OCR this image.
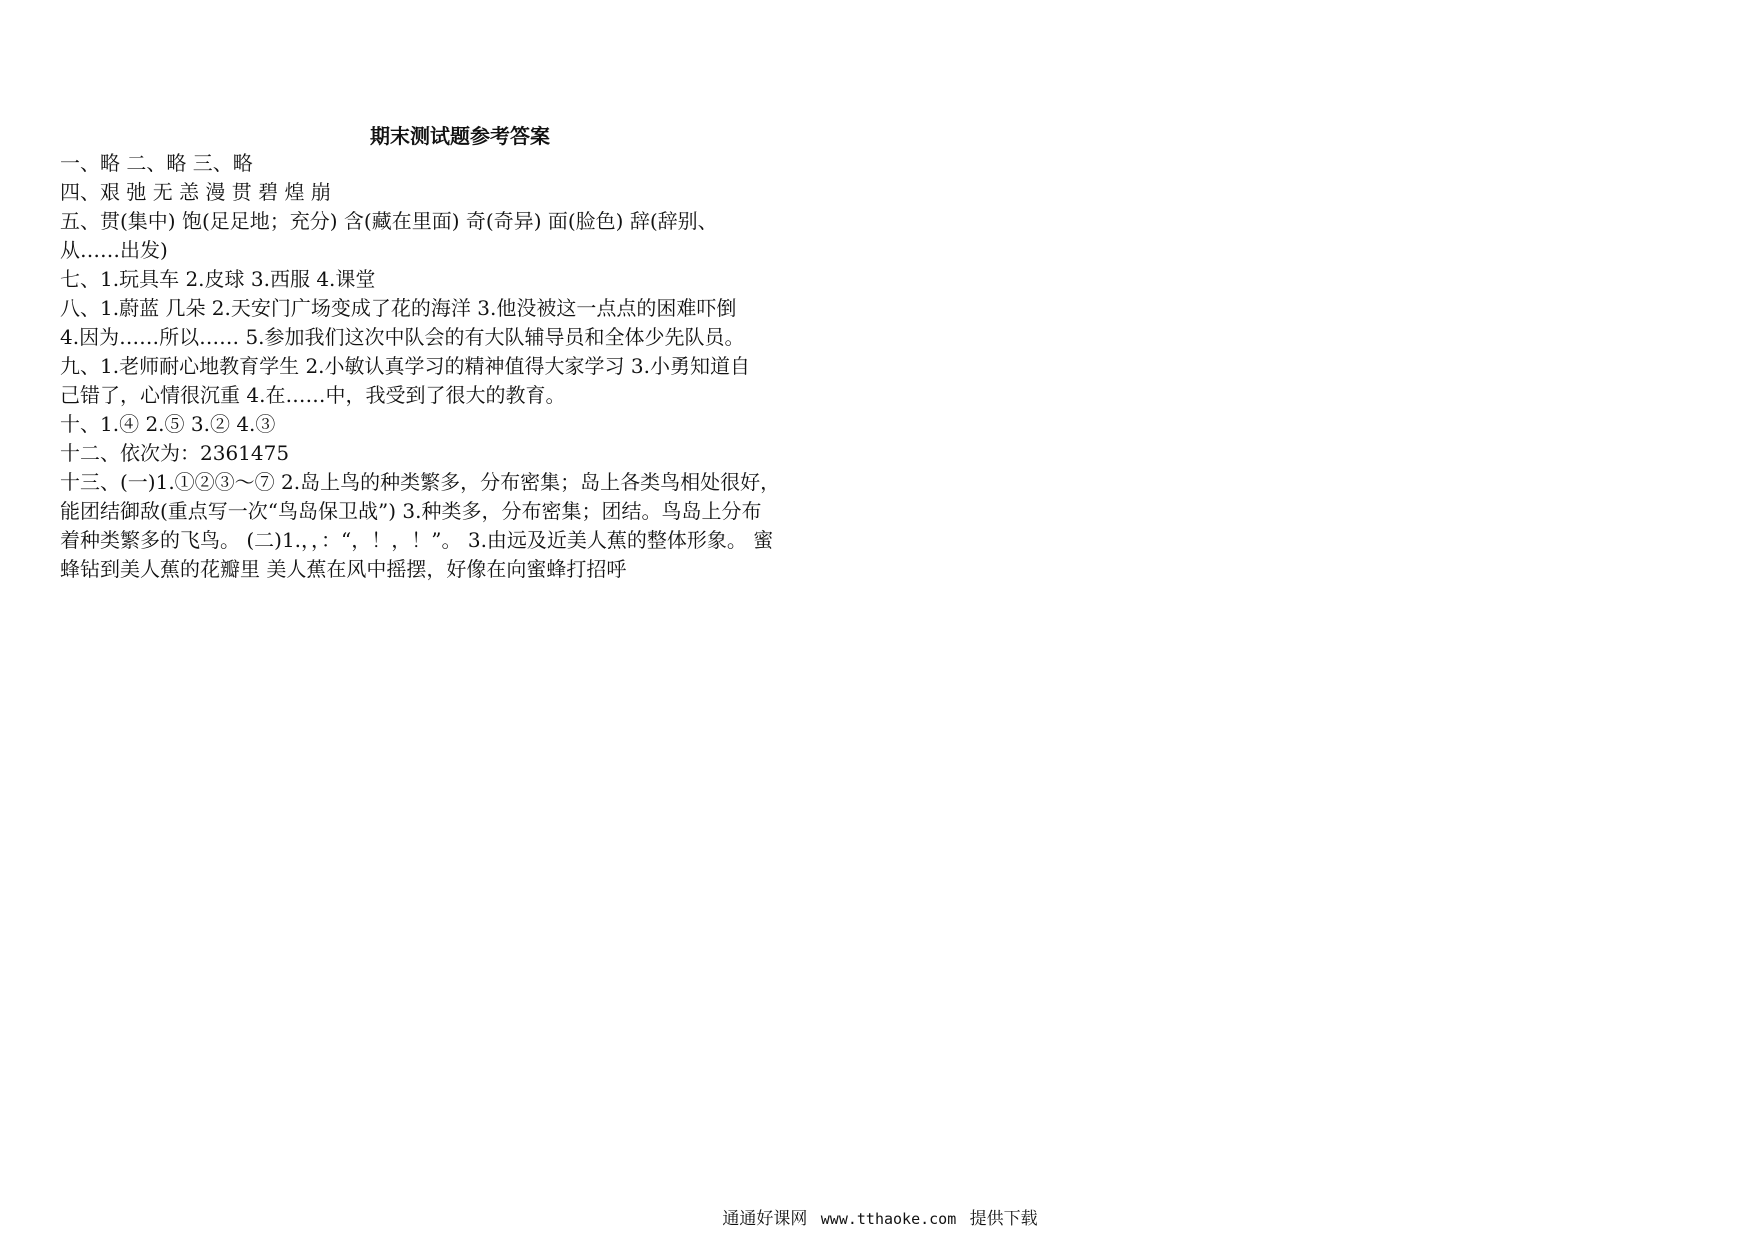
期末测试题参考答案
一、略 二、略 三、略
四、艰 弛 无 恙 漫 贯 碧 煌 崩
五、贯(集中) 饱(足足地；充分) 含(藏在里面) 奇(奇异) 面(脸色) 辞(辞别、
从……出发)
七、1.玩具车 2.皮球 3.西服 4.课堂
八、1.蔚蓝 几朵 2.天安门广场变成了花的海洋 3.他没被这一点点的困难吓倒
4.因为……所以…… 5.参加我们这次中队会的有大队辅导员和全体少先队员。
九、1.老师耐心地教育学生 2.小敏认真学习的精神值得大家学习 3.小勇知道自
己错了，心情很沉重 4.在……中，我受到了很大的教育。
十、1.④ 2.⑤ 3.② 4.③
十二、依次为：2361475
十三、(一)1.①②③～⑦ 2.岛上鸟的种类繁多，分布密集；岛上各类鸟相处很好，
能团结御敌(重点写一次“鸟岛保卫战”) 3.种类多，分布密集；团结。鸟岛上分布
着种类繁多的飞鸟。 (二)1.，，：“，！，！”。 3.由远及近美人蕉的整体形象。 蜜
蜂钻到美人蕉的花瓣里 美人蕉在风中摇摆，好像在向蜜蜂打招呼
通通好课网 www.tthaoke.com 提供下载
